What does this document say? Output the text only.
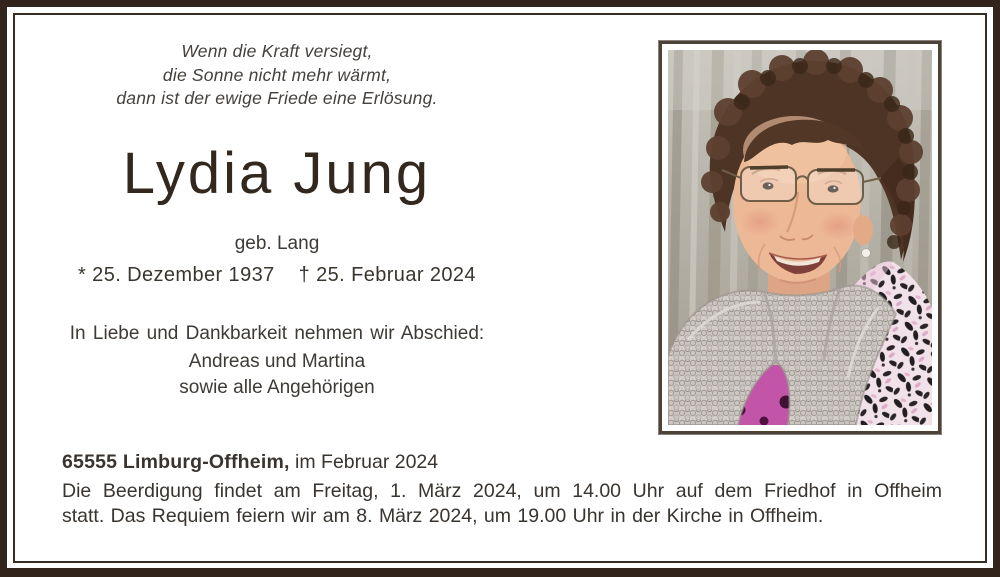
Wenn die Kraft versiegt,
die Sonne nicht mehr wärmt,
dann ist der ewige Friede eine Erlösung.
Lydia Jung
geb. Lang
* 25. Dezember 1937 † 25. Februar 2024
In Liebe und Dankbarkeit nehmen wir Abschied:
Andreas und Martina
sowie alle Angehörigen
65555 Limburg-Offheim, im Februar 2024
Die Beerdigung findet am Freitag, 1. März 2024, um 14.00 Uhr auf dem Friedhof in Offheim
statt. Das Requiem feiern wir am 8. März 2024, um 19.00 Uhr in der Kirche in Offheim.
